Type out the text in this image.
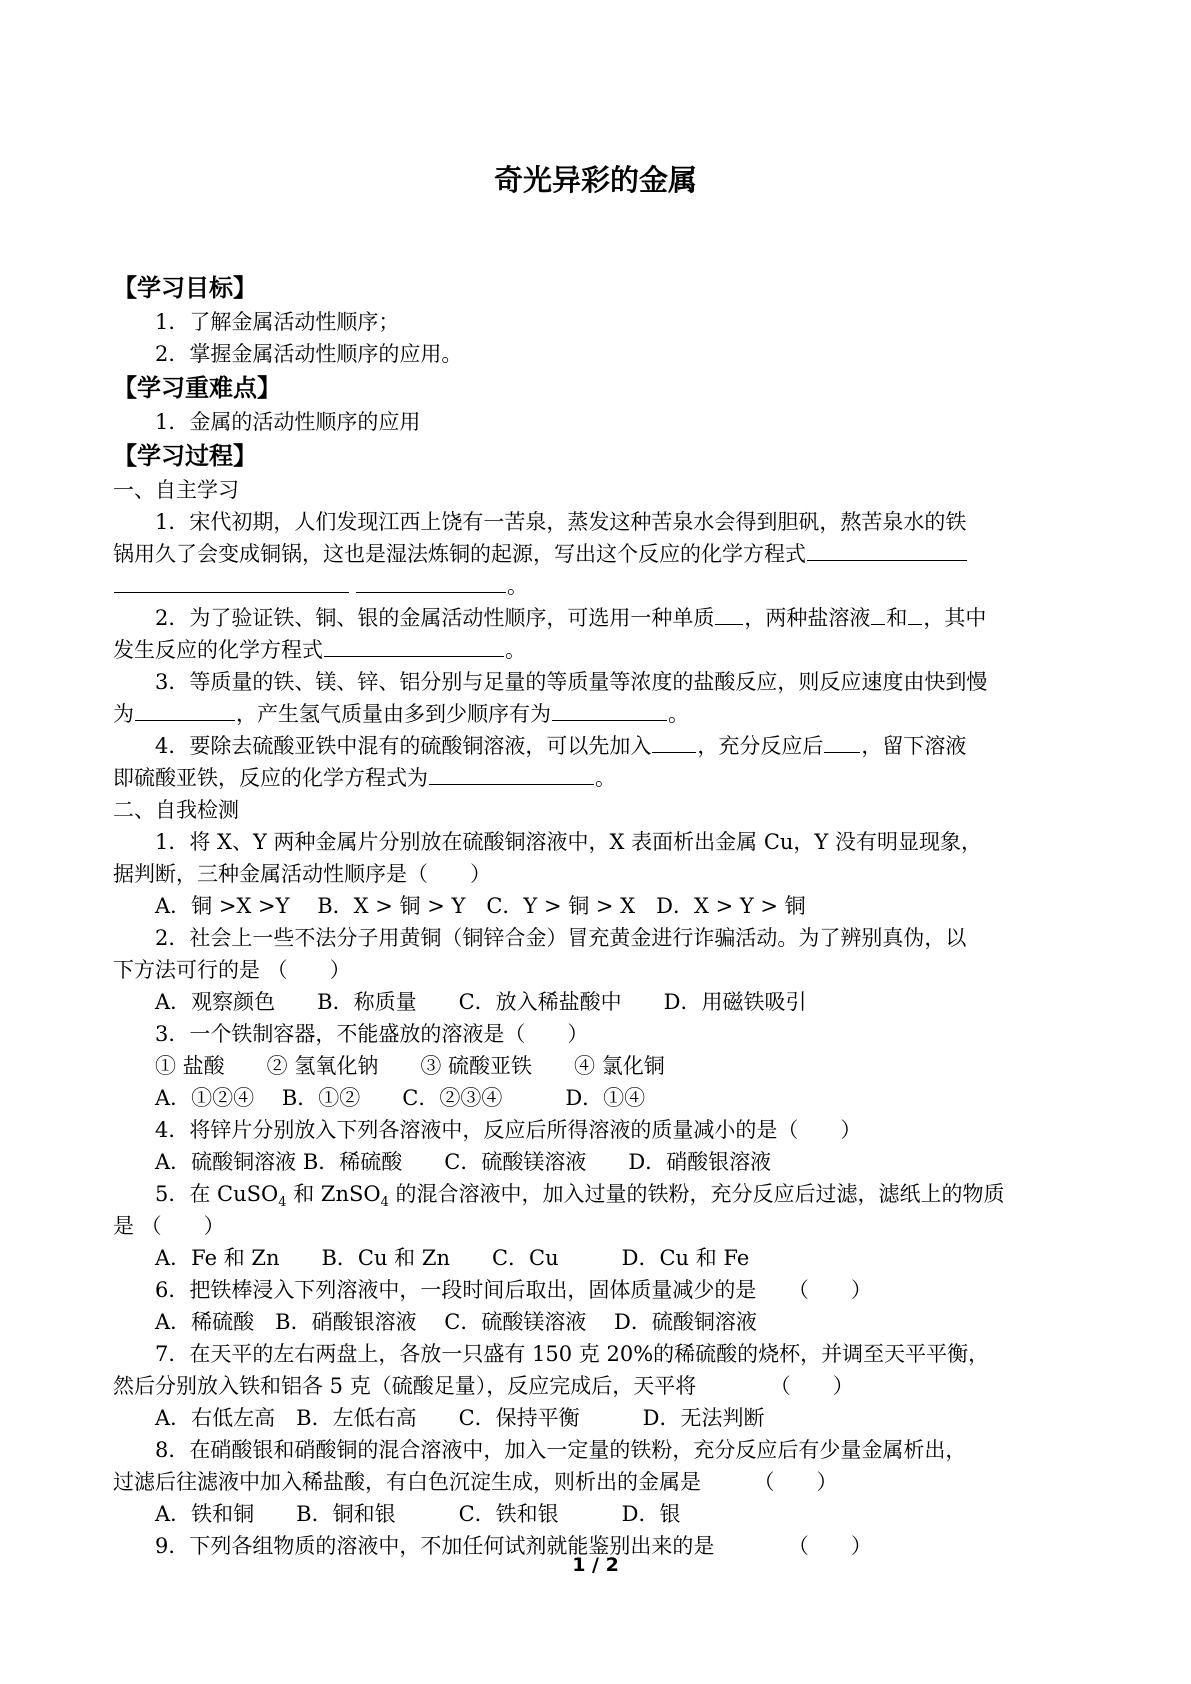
奇光异彩的金属
【学习目标】
1．了解金属活动性顺序；
2．掌握金属活动性顺序的应用。
【学习重难点】
1．金属的活动性顺序的应用
【学习过程】
一、自主学习
1．宋代初期，人们发现江西上饶有一苦泉，蒸发这种苦泉水会得到胆矾，熬苦泉水的铁
锅用久了会变成铜锅，这也是湿法炼铜的起源，写出这个反应的化学方程式
。
2．为了验证铁、铜、银的金属活动性顺序，可选用一种单质 ，两种盐溶液 和 ，其中
发生反应的化学方程式	。
3．等质量的铁、镁、锌、铝分别与足量的等质量等浓度的盐酸反应，则反应速度由快到慢
为	，产生氢气质量由多到少顺序有为	。
4．要除去硫酸亚铁中混有的硫酸铜溶液，可以先加入 ，充分反应后 ，留下溶液
即硫酸亚铁，反应的化学方程式为	。
二、自我检测
1．将 X、Y 两种金属片分别放在硫酸铜溶液中，X 表面析出金属 Cu，Y 没有明显现象，
据判断，三种金属活动性顺序是（　　）
A．铜 >X >Y　 B．X > 铜 > Y　C．Y > 铜 > X　D．X > Y > 铜
2．社会上一些不法分子用黄铜（铜锌合金）冒充黄金进行诈骗活动。为了辨别真伪，以
下方法可行的是 （　　）
A．观察颜色　　B．称质量　　C．放入稀盐酸中　　D．用磁铁吸引
3．一个铁制容器，不能盛放的溶液是（　　）
① 盐酸　　② 氢氧化钠　　③ 硫酸亚铁　　④ 氯化铜
A．①②④　 B．①②　　C．②③④　　　D．①④
4．将锌片分别放入下列各溶液中，反应后所得溶液的质量减小的是（　　）
A．硫酸铜溶液 B．稀硫酸　　C．硫酸镁溶液　　D．硝酸银溶液
5．在 CuSO$_4$ 和 ZnSO$_4$ 的混合溶液中，加入过量的铁粉，充分反应后过滤，滤纸上的物质
是 （　　）
A．Fe 和 Zn　　B．Cu 和 Zn　　C．Cu　　　D．Cu 和 Fe
6．把铁棒浸入下列溶液中，一段时间后取出，固体质量减少的是　　（　　）
A．稀硫酸　B．硝酸银溶液　 C．硫酸镁溶液　 D．硫酸铜溶液
7．在天平的左右两盘上，各放一只盛有 150 克 20%的稀硫酸的烧杯，并调至天平平衡，
然后分别放入铁和铝各 5 克（硫酸足量），反应完成后，天平将　　　　（　　）
A．右低左高　B．左低右高　　C．保持平衡　　　D．无法判断
8．在硝酸银和硝酸铜的混合溶液中，加入一定量的铁粉，充分反应后有少量金属析出，
过滤后往滤液中加入稀盐酸，有白色沉淀生成，则析出的金属是　　　（　　）
A．铁和铜　　B．铜和银　　　C．铁和银　　　D．银
9．下列各组物质的溶液中，不加任何试剂就能鉴别出来的是　　　　（　　）
1 / 2
